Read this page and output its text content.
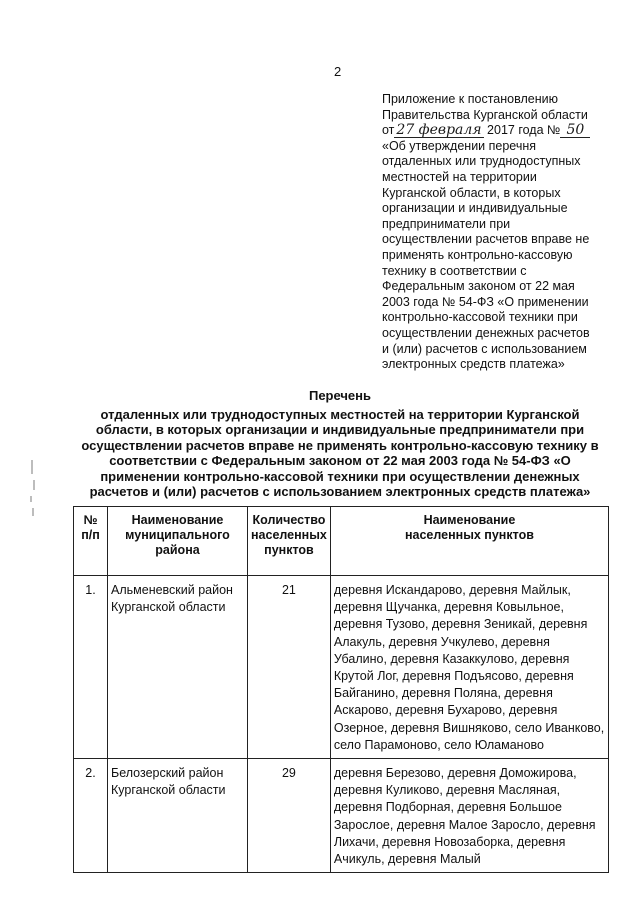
2
Приложение к постановлению
Правительства Курганской области
от 27 февраля 2017 года № 50
«Об утверждении перечня
отдаленных или труднодоступных
местностей на территории
Курганской области, в которых
организации и индивидуальные
предприниматели при
осуществлении расчетов вправе не
применять контрольно-кассовую
технику в соответствии с
Федеральным законом от 22 мая
2003 года № 54-ФЗ «О применении
контрольно-кассовой техники при
осуществлении денежных расчетов
и (или) расчетов с использованием
электронных средств платежа»
Перечень
отдаленных или труднодоступных местностей на территории Курганской
области, в которых организации и индивидуальные предприниматели при
осуществлении расчетов вправе не применять контрольно-кассовую технику в
соответствии с Федеральным законом от 22 мая 2003 года № 54-ФЗ «О
применении контрольно-кассовой техники при осуществлении денежных
расчетов и (или) расчетов с использованием электронных средств платежа»
№
п/п	Наименование
муниципального
района	Количество
населенных
пунктов	Наименование
населенных пунктов
1.	Альменевский район Курганской области	21	деревня Искандарово, деревня Майлык, деревня Щучанка, деревня Ковыльное, деревня Тузово, деревня Зеникай, деревня Алакуль, деревня Учкулево, деревня Убалино, деревня Казаккулово, деревня Крутой Лог, деревня Подъясово, деревня Байганино, деревня Поляна, деревня Аскарово, деревня Бухарово, деревня Озерное, деревня Вишняково, село Иванково, село Парамоново, село Юламаново
2.	Белозерский район Курганской области	29	деревня Березово, деревня Доможирова, деревня Куликово, деревня Масляная, деревня Подборная, деревня Большое Зарослое, деревня Малое Заросло, деревня Лихачи, деревня Новозаборка, деревня Ачикуль, деревня Малый
